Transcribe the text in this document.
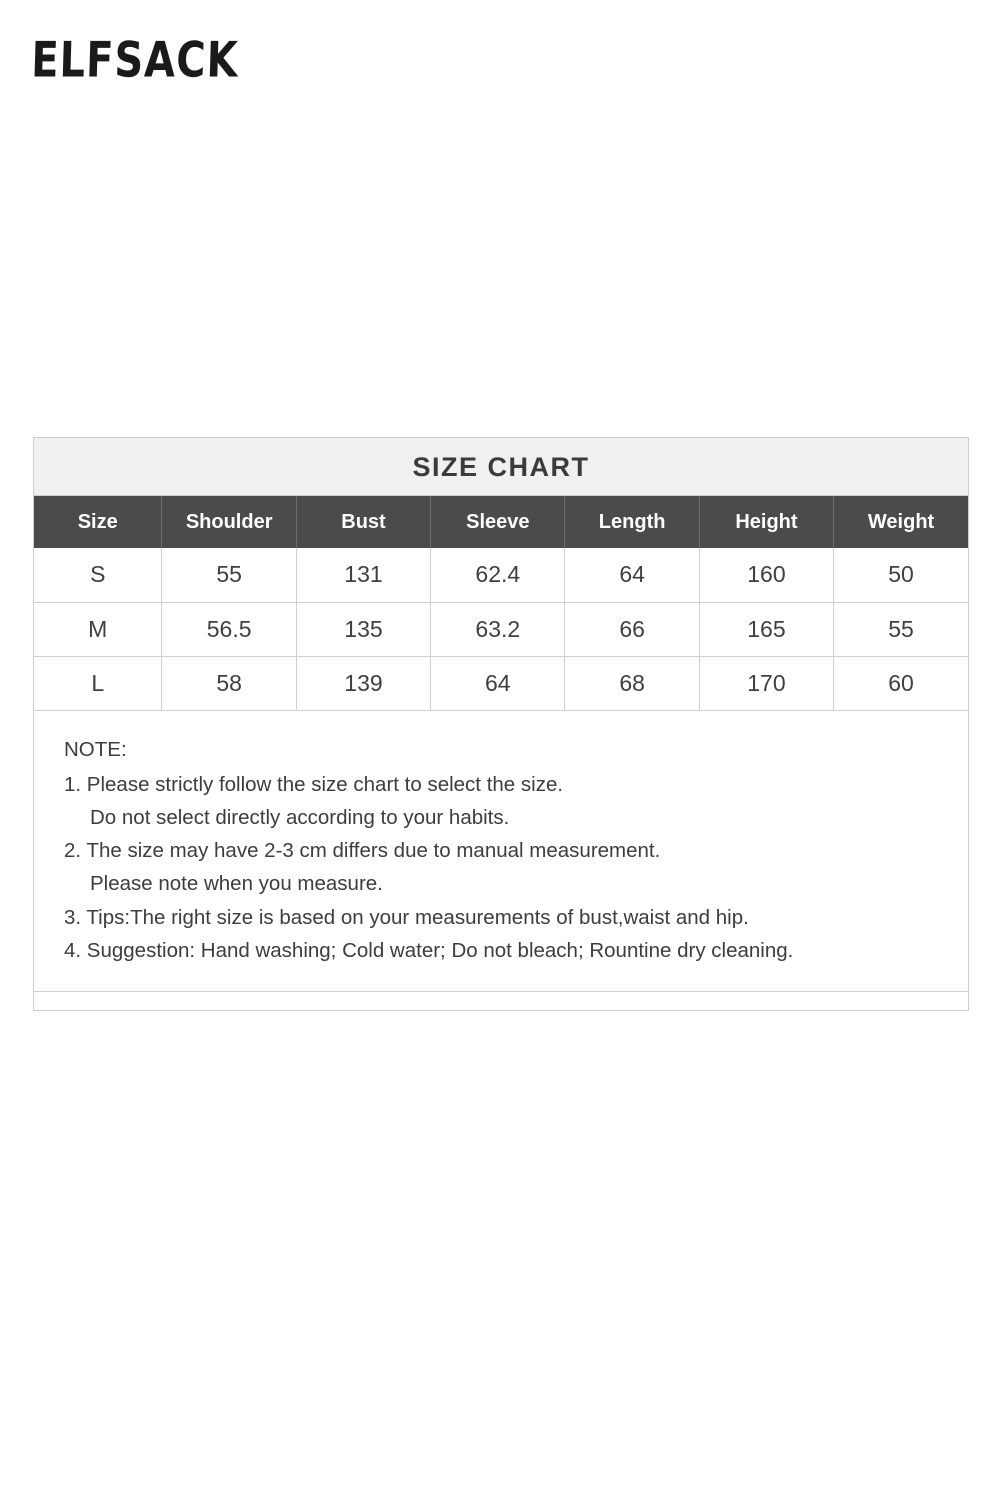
ELFSACK
SIZE CHART
Size	Shoulder	Bust	Sleeve	Length	Height	Weight
S	55	131	62.4	64	160	50
M	56.5	135	63.2	66	165	55
L	58	139	64	68	170	60
NOTE:
1. Please strictly follow the size chart to select the size.
Do not select directly according to your habits.
2. The size may have 2-3 cm differs due to manual measurement.
Please note when you measure.
3. Tips:The right size is based on your measurements of bust,waist and hip.
4. Suggestion: Hand washing; Cold water; Do not bleach; Rountine dry cleaning.
